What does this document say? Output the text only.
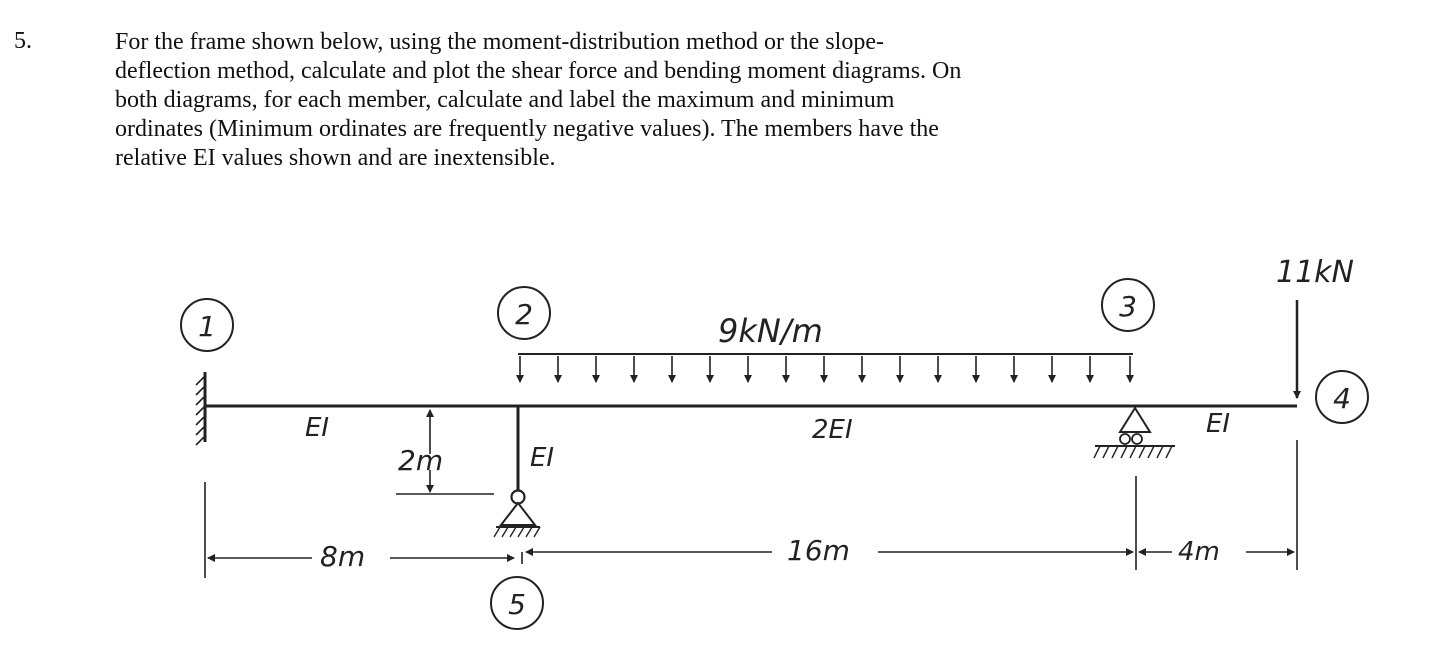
5.	For the frame shown below, using the moment-distribution method or the slope-
deflection method, calculate and plot the shear force and bending moment diagrams. On
both diagrams, for each member, calculate and label the maximum and minimum
ordinates (Minimum ordinates are frequently negative values). The members have the
relative EI values shown and are inextensible.
9kN/m
11kN
1	2	3
4
5
EI	2EI	EI
EI
2m
8m	16m	4m
